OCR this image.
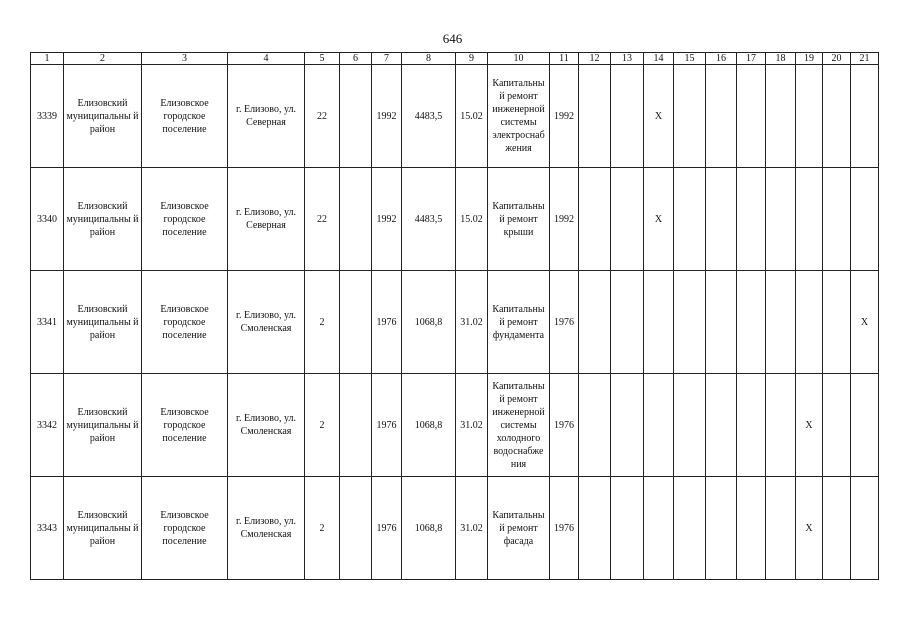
646
1	2	3	4	5	6	7	8	9	10	11	12	13	14	15	16	17	18	19	20	21
3339	Елизовский муниципальны й район	Елизовское городское поселение	г. Елизово, ул. Северная	22		1992	4483,5	15.02	Капитальны й ремонт инженерной системы электроснаб жения	1992			X							
3340	Елизовский муниципальны й район	Елизовское городское поселение	г. Елизово, ул. Северная	22		1992	4483,5	15.02	Капитальны й ремонт крыши	1992			X							
3341	Елизовский муниципальны й район	Елизовское городское поселение	г. Елизово, ул. Смоленская	2		1976	1068,8	31.02	Капитальны й ремонт фундамента	1976										X
3342	Елизовский муниципальны й район	Елизовское городское поселение	г. Елизово, ул. Смоленская	2		1976	1068,8	31.02	Капитальны й ремонт инженерной системы холодного водоснабже ния	1976								X		
3343	Елизовский муниципальны й район	Елизовское городское поселение	г. Елизово, ул. Смоленская	2		1976	1068,8	31.02	Капитальны й ремонт фасада	1976								X		
